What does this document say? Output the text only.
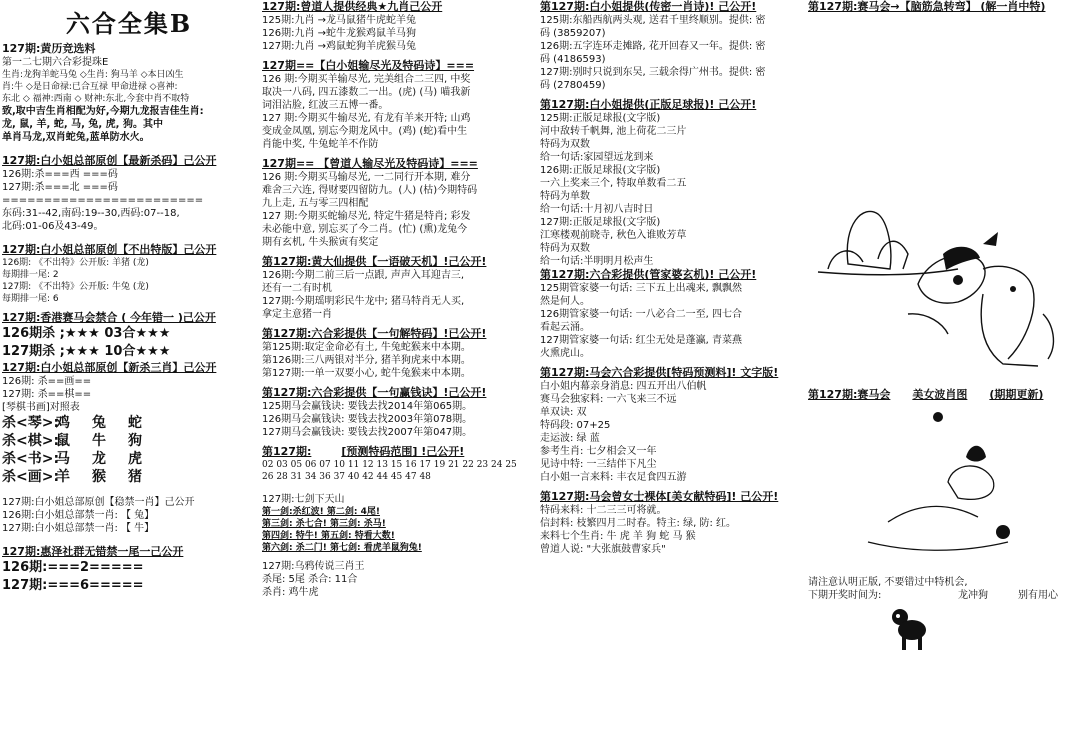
六合全集B
127期:黄历竞选料
第一二七期六合彩提珠E
生肖:龙狗羊蛇马兔 ◇生肖: 狗马羊 ◇本日凶生
肖:牛 ◇是日命禄:已合互禄 甲命进禄 ◇喜神:
东北 ◇ 福神:西南 ◇ 财神:东北,今套中肖不取特
致,取中吉生肖相配为好,今期九龙报吉佳生肖:
龙, 鼠, 羊, 蛇, 马, 兔, 虎, 狗。其中
单肖马龙,双肖蛇兔,蓝单防水火。
127期:白小姐总部原创【最新杀码】己公开
126期:杀===西 ===码
127期:杀===北 ===码
========================
东码:31--42,南码:19--30,西码:07--18,
北码:01-06及43-49。
127期:白小姐总部原创【不出特版】己公开
126期: 《不出特》公开版: 羊猪 (龙)
每期排一尾: 2
127期: 《不出特》公开版: 牛兔 (龙)
每期排一尾: 6
127期:香港赛马会禁合 ( 今年错一 )己公开
126期杀 ;★★★ 03合★★★
127期杀 ;★★★ 10合★★★
127期:白小姐总部原创【新杀三肖】己公开
126期: 杀==画==
127期: 杀==棋==
[琴棋书画]对照表
杀<琴>:
鸡	兔	蛇
杀<棋>:
鼠	牛	狗
杀<书>:
马	龙	虎
杀<画>:
羊	猴	猪
127期:白小姐总部原创【稳禁一肖】己公开
126期:白小姐总部禁一肖: 【 兔】
127期:白小姐总部禁一肖: 【 牛】
127期:惠泽社群无错禁一尾一己公开
126期:===2=====
127期:===6=====
127期:曾道人提供经典★九肖己公开
125期:九肖 →龙马鼠猪牛虎蛇羊兔
126期:九肖 →蛇牛龙猴鸡鼠羊马狗
127期:九肖 →鸡鼠蛇狗羊虎猴马兔
127期==【白小姐输尽光及特码诗】===
126 期:今期买羊输尽光, 完美组合二三四, 中奖
取决一八码, 四五漆数二一出。(虎) (马) 喵我新
词泪沾脸, 红波三五博一番。
127 期:今期买牛输尽光, 有龙有羊来开特; 山鸡
变成金凤凰, 别忘今期龙风中。(鸡) (蛇)看中生
肖能中奖, 牛兔蛇羊不作防
127期== 【曾道人输尽光及特码诗】===
126 期:今期买马输尽光, 一二同行开本期, 难分
难舍三六连, 得财要四留防九。(人) (枯)今期特码
九上走, 五与零三四相配
127 期:今期买蛇输尽光, 特定牛猪是特肖; 彩发
未必能中意, 别忘买了今二肖。(忙) (熏)龙兔今
期有玄机, 牛头猴寅有奖定
第127期:黄大仙提供【一语破天机】!己公开!
126期:今期二前三后一点跟, 声声入耳迎吉三,
还有一二有时机
127期:今期瑶明彩民牛龙中; 猪马特肖无人买,
拿定主意猪一肖
第127期:六合彩提供【一句解特码】!已公开!
第125期:取定金命必有土, 牛兔蛇猴来中本期。
第126期:三八两银对半分, 猪羊狗虎来中本期。
第127期:一单一双要小心, 蛇牛兔猴来中本期。
第127期:六合彩提供【一句赢钱诀】!己公开!
125期马会赢钱诀: 要钱去找2014年第065期。
126期马会赢钱诀: 要钱去找2003年第078期。
127期马会赢钱诀: 要钱去找2007年第047期。
第127期:	[预测特码范围] !己公开!
02 03 05 06 07 10 11 12 13 15 16 17 19 21 22 23 24 25
26 28 31 34 36 37 40 42 44 45 47 48
127期:七剑下天山
第一剑:杀红波! 第二剑: 4尾!
第三剑: 杀七合! 第三剑: 杀马!
第四剑: 特牛! 第五剑: 特看大数!
第六剑: 杀二门! 第七剑: 看虎羊鼠狗兔!
127期:乌鸦传说三肖王
杀尾: 5尾 杀合: 11合
杀肖: 鸡牛虎
第127期:白小姐提供(传密一肖诗)! 己公开!
125期:东船西航两头观, 送君千里终顺别。提供: 密
码 (3859207)
126期:五字连环走摊路, 花开回春又一年。提供: 密
码 (4186593)
127期:别时只说到东吴, 三载余得广州书。提供: 密
码 (2780459)
第127期:白小姐提供(正版足球报)! 己公开!
125期:正版足球报(文字版)
河中敌转千帆舞, 池上荷花二三片
特码为双数
给一句话:家园望远龙到来
126期:正版足球报(文字版)
一六上奖来三个, 特取单数看二五
特码为单数
给一句话:十月初八吉时日
127期:正版足球报(文字版)
江寒楼观前晓寺, 秋色入谁败芳草
特码为双数
给一句话:半明明月松声生
第127期:六合彩提供(管家婆玄机)! 己公开!
125期管家婆一句话: 三下五上出魂来, 飘飘然
然是何人。
126期管家婆一句话: 一八必合二一至, 四七合
看起云涌。
127期管家婆一句话: 红尘无处是蓬瀛, 青菜燕
火熏虎山。
第127期:马会六合彩提供[特码预测料]! 文字版!
白小姐内幕亲身消息: 四五开出八伯帆
赛马会独家料: 一六飞来三不远
单双诀: 双
特码段: 07+25
走运波: 绿 蓝
参考生肖: 七夕相会又一年
见诗中特: 一三结伴下凡尘
白小姐一言来料: 丰衣足食四五游
第127期:马会曾女士裸体[美女献特码]! 己公开!
特码来料: 十二三三可将就。
信封料: 枝繁四月二时春。特主: 绿, 防: 红。
来料七个生肖: 牛 虎 羊 狗 蛇 马 猴
曾道人说: "大张旗鼓曹家兵"
第127期:赛马会→【脑筋急转弯】 (解一肖中特)
第127期:赛马会 美女波肖图 (期期更新)
请注意认明正版, 不要错过中特机会,
下期开奖时间为:	龙冲狗	别有用心
